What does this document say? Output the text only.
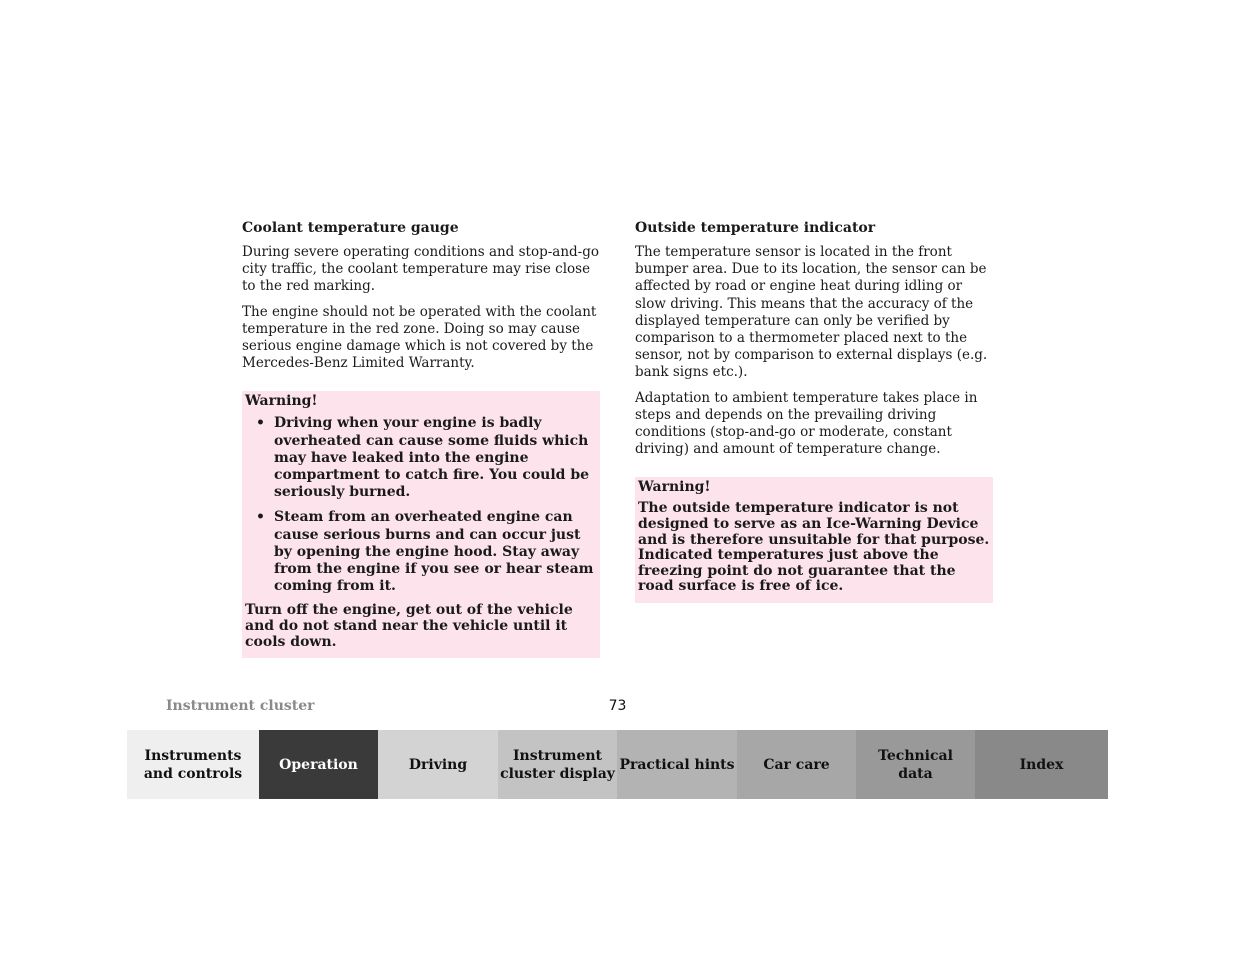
Coolant temperature gauge

During severe operating conditions and stop-and-go city traffic, the coolant temperature may rise close to the red marking.

The engine should not be operated with the coolant temperature in the red zone. Doing so may cause serious engine damage which is not covered by the Mercedes-Benz Limited Warranty.

Warning!

• Driving when your engine is badly overheated can cause some fluids which may have leaked into the engine compartment to catch fire. You could be seriously burned.
• Steam from an overheated engine can cause serious burns and can occur just by opening the engine hood. Stay away from the engine if you see or hear steam coming from it.

Turn off the engine, get out of the vehicle and do not stand near the vehicle until it cools down.

Outside temperature indicator

The temperature sensor is located in the front bumper area. Due to its location, the sensor can be affected by road or engine heat during idling or slow driving. This means that the accuracy of the displayed temperature can only be verified by comparison to a thermometer placed next to the sensor, not by comparison to external displays (e.g. bank signs etc.).

Adaptation to ambient temperature takes place in steps and depends on the prevailing driving conditions (stop-and-go or moderate, constant driving) and amount of temperature change.

Warning!

The outside temperature indicator is not designed to serve as an Ice-Warning Device and is therefore unsuitable for that purpose. Indicated temperatures just above the freezing point do not guarantee that the road surface is free of ice.

Instrument cluster	73
Instruments
and controls
Operation	Driving
Instrument
cluster display
Practical hints Car care
Technical
data
Index
